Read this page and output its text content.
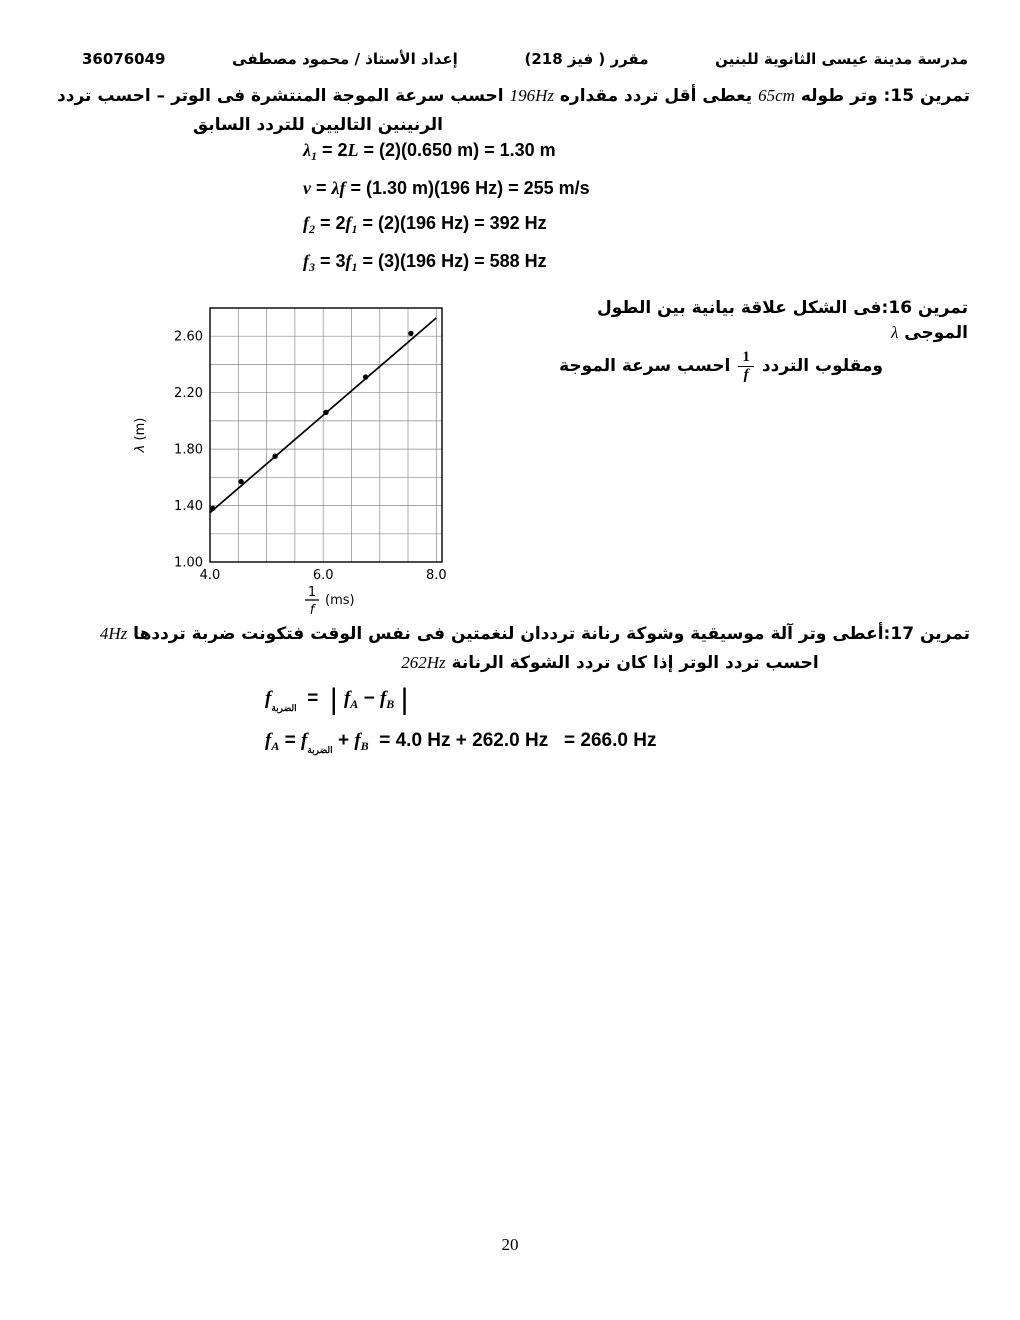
مدرسة مدينة عيسى الثانوية للبنين
مقرر ( فيز 218)
إعداد الأستاذ / محمود مصطفى
36076049
تمرين 15: وتر طوله 65cm يعطى أقل تردد مقداره 196Hz احسب سرعة الموجة المنتشرة فى الوتر – احسب تردد
الرنينين التاليين للتردد السابق
$\lambda_1 = 2L = (2)(0.650$ m) = 1.30 m
v = λf = (1.30 m)(196 Hz) = 255 m/s
$f_2 = 2f_1 = (2)(196$ Hz) = 392 Hz
$f_3 = 3f_1 = (3)(196$ Hz) = 588 Hz
تمرين 16:فى الشكل علاقة بيانية بين الطول الموجى λ
ومقلوب التردد
$\frac{1}{f}$
احسب سرعة الموجة
1.00
1.40
1.80
2.20
2.60
4.0	6.0	8.0
λ (m)
1
f
(ms)
تمرين 17:أعطى وتر آلة موسيقية وشوكة رنانة ترددان لنغمتين فى نفس الوقت فتكونت ضربة ترددها 4Hz
احسب تردد الوتر إذا كان تردد الشوكة الرنانة 262Hz
$f_{الضربة}$  =  | $f_A - f_B$ |
$f_A = f_{الضربة} + f_B = 4.0$ Hz + 262.0 Hz   = 266.0 Hz
20
